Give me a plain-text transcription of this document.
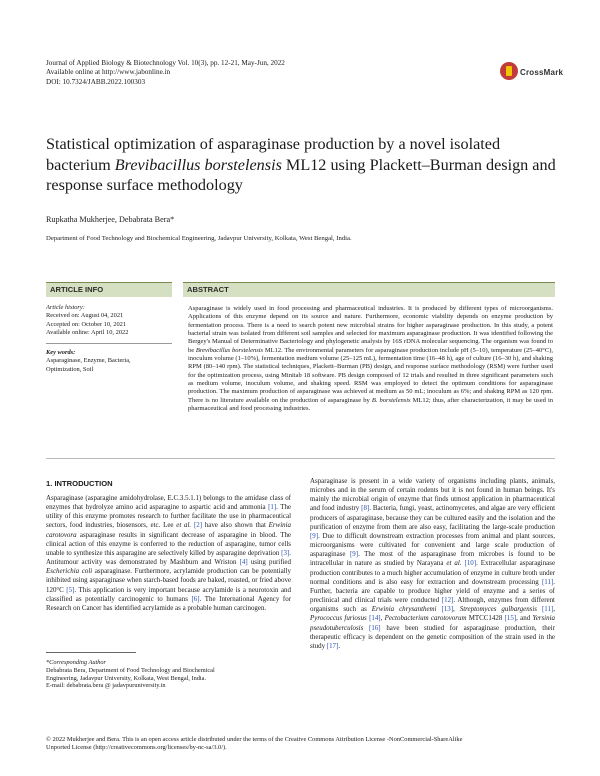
Journal of Applied Biology & Biotechnology Vol. 10(3), pp. 12-21, May-Jun, 2022
Available online at http://www.jabonline.in
DOI: 10.7324/JABB.2022.100303
CrossMark
Statistical optimization of asparaginase production by a novel isolated bacterium Brevibacillus borstelensis ML12 using Plackett–Burman design and response surface methodology
Rupkatha Mukherjee, Debabrata Bera*
Department of Food Technology and Biochemical Engineering, Jadavpur University, Kolkata, West Bengal, India.
ARTICLE INFO	ABSTRACT
Article history:
Received on: August 04, 2021
Accepted on: October 10, 2021
Available online: April 10, 2022
Key words:
Asparaginase, Enzyme, Bacteria,
Optimization, Soil
Asparaginase is widely used in food processing and pharmaceutical industries. It is produced by different types of microorganisms. Applications of this enzyme depend on its source and nature. Furthermore, economic viability depends on enzyme production by fermentation process. There is a need to search potent new microbial strains for higher asparaginase production. In this study, a potent bacterial strain was isolated from different soil samples and selected for maximum asparaginase production. It was identified following the Bergey's Manual of Determinative Bacteriology and phylogenetic analysis by 16S rDNA molecular sequencing. The organism was found to be Brevibacillus borstelensis ML12. The environmental parameters for asparaginase production include pH (5–10), temperature (25–40°C), inoculum volume (1–10%), fermentation medium volume (25–125 mL), fermentation time (16–48 h), age of culture (16–30 h), and shaking RPM (80–140 rpm). The statistical techniques, Plackett–Burman (PB) design, and response surface methodology (RSM) were further used for the optimization process, using Minitab 18 software. PB design composed of 12 trials and resulted in three significant parameters such as medium volume, inoculum volume, and shaking speed. RSM was employed to detect the optimum conditions for asparaginase production. The maximum production of asparaginase was achieved at medium as 50 mL; inoculum as 6%; and shaking RPM as 120 rpm. There is no literature available on the production of asparaginase by B. borstelensis ML12; thus, after characterization, it may be used in pharmaceutical and food processing industries.
1. INTRODUCTION
Asparaginase (asparagine amidohydrolase, E.C.3.5.1.1) belongs to the amidase class of enzymes that hydrolyze amino acid asparagine to aspartic acid and ammonia [1]. The utility of this enzyme promotes research to further facilitate the use in pharmaceutical sectors, food industries, biosensors, etc. Lee et al. [2] have also shown that Erwinia carotovora asparaginase results in significant decrease of asparagine in blood. The clinical action of this enzyme is conferred to the reduction of asparagine, tumor cells unable to synthesize this asparagine are selectively killed by asparagine deprivation [3]. Antitumour activity was demonstrated by Mashburn and Wriston [4] using purified Escherichia coli asparaginase. Furthermore, acrylamide production can be potentially inhibited using asparaginase when starch-based foods are baked, roasted, or fried above 120°C [5]. This application is very important because acrylamide is a neurotoxin and classified as potentially carcinogenic to humans [6]. The International Agency for Research on Cancer has identified acrylamide as a probable human carcinogen.
Asparaginase is present in a wide variety of organisms including plants, animals, microbes and in the serum of certain rodents but it is not found in human beings. It's mainly the microbial origin of enzyme that finds utmost application in pharmaceutical and food industry [8]. Bacteria, fungi, yeast, actinomycetes, and algae are very efficient producers of asparaginase, because they can be cultured easily and the isolation and the purification of enzyme from them are also easy, facilitating the large-scale production [9]. Due to difficult downstream extraction processes from animal and plant sources, microorganisms were cultivated for convenient and large scale production of asparaginase [9]. The most of the asparaginase from microbes is found to be intracellular in nature as studied by Narayana et al. [10]. Extracellular asparaginase production contributes to a much higher accumulation of enzyme in culture broth under normal conditions and is also easy for extraction and downstream processing [11]. Further, bacteria are capable to produce higher yield of enzyme and a series of preclinical and clinical trials were conducted [12]. Although, enzymes from different organisms such as Erwinia chrysanthemi [13], Streptomyces gulbargensis [11], Pyrococcus furiosus [14], Pectobacterium carotovorum MTCC1428 [15], and Yersinia pseudotuberculosis [16] have been studied for asparaginase production, their therapeutic efficacy is dependent on the genetic composition of the strain used in the study [17].
*Corresponding Author
Debabrata Bera, Department of Food Technology and Biochemical
Engineering, Jadavpur University, Kolkata, West Bengal, India.
E-mail: debabrata.bera @ jadavpuruniversity.in
© 2022 Mukherjee and Bera. This is an open access article distributed under the terms of the Creative Commons Attribution License -NonCommercial-ShareAlike
Unported License (http://creativecommons.org/licenses/by-nc-sa/3.0/).
